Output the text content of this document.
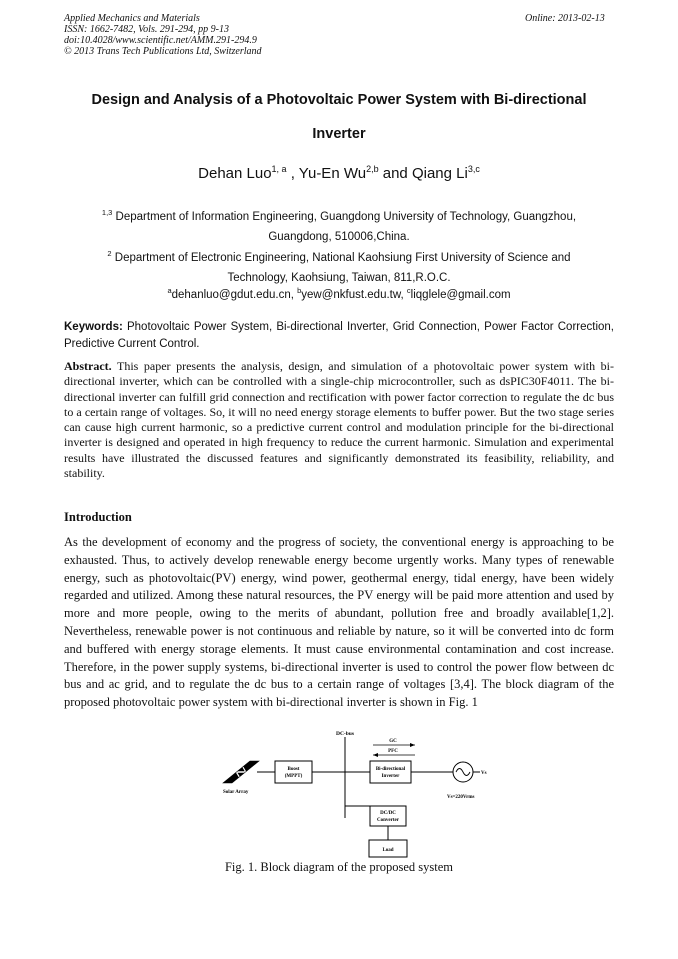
Applied Mechanics and Materials
ISSN: 1662-7482, Vols. 291-294, pp 9-13
doi:10.4028/www.scientific.net/AMM.291-294.9
© 2013 Trans Tech Publications Ltd, Switzerland
Online: 2013-02-13
Design and Analysis of a Photovoltaic Power System with Bi-directional
Inverter
Dehan Luo$^{1, a}$ , Yu-En Wu$^{2,b}$ and Qiang Li$^{3,c}$
$^{1,3}$ Department of Information Engineering, Guangdong University of Technology, Guangzhou,
Guangdong, 510006,China.
$^2$ Department of Electronic Engineering, National Kaohsiung First University of Science and
Technology, Kaohsiung, Taiwan, 811,R.O.C.
$^a$dehanluo@gdut.edu.cn, $^b$yew@nkfust.edu.tw, $^c$liqglele@gmail.com
Keywords: Photovoltaic Power System, Bi-directional Inverter, Grid Connection, Power Factor Correction, Predictive Current Control.
Abstract. This paper presents the analysis, design, and simulation of a photovoltaic power system with bi-directional inverter, which can be controlled with a single-chip microcontroller, such as dsPIC30F4011. The bi-directional inverter can fulfill grid connection and rectification with power factor correction to regulate the dc bus to a certain range of voltages. So, it will no need energy storage elements to buffer power. But the two stage series can cause high current harmonic, so a predictive current control and modulation principle for the bi-directional inverter is designed and operated in high frequency to reduce the current harmonic. Simulation and experimental results have illustrated the discussed features and significantly demonstrated its feasibility, reliability, and stability.
Introduction
As the development of economy and the progress of society, the conventional energy is approaching to be exhausted. Thus, to actively develop renewable energy become urgently works. Many types of renewable energy, such as photovoltaic(PV) energy, wind power, geothermal energy, tidal energy, have been widely regarded and utilized. Among these natural resources, the PV energy will be paid more attention and used by more and more people, owing to the merits of abundant, pollution free and broadly available[1,2]. Nevertheless, renewable power is not continuous and reliable by nature, so it will be converted into dc form and buffered with energy storage elements. It must cause environmental contamination and cost increase. Therefore, in the power supply systems, bi-directional inverter is used to control the power flow between dc bus and ac grid, and to regulate the dc bus to a certain range of voltages [3,4]. The block diagram of the proposed photovoltaic power system with bi-directional inverter is shown in Fig. 1
DC-bus
Solar Array
Boost
(MPPT)
GC
PFC
Bi-directional
Inverter
Vs
Vs=220Vrms
DC/DC
Converter
Load
Fig. 1. Block diagram of the proposed system
